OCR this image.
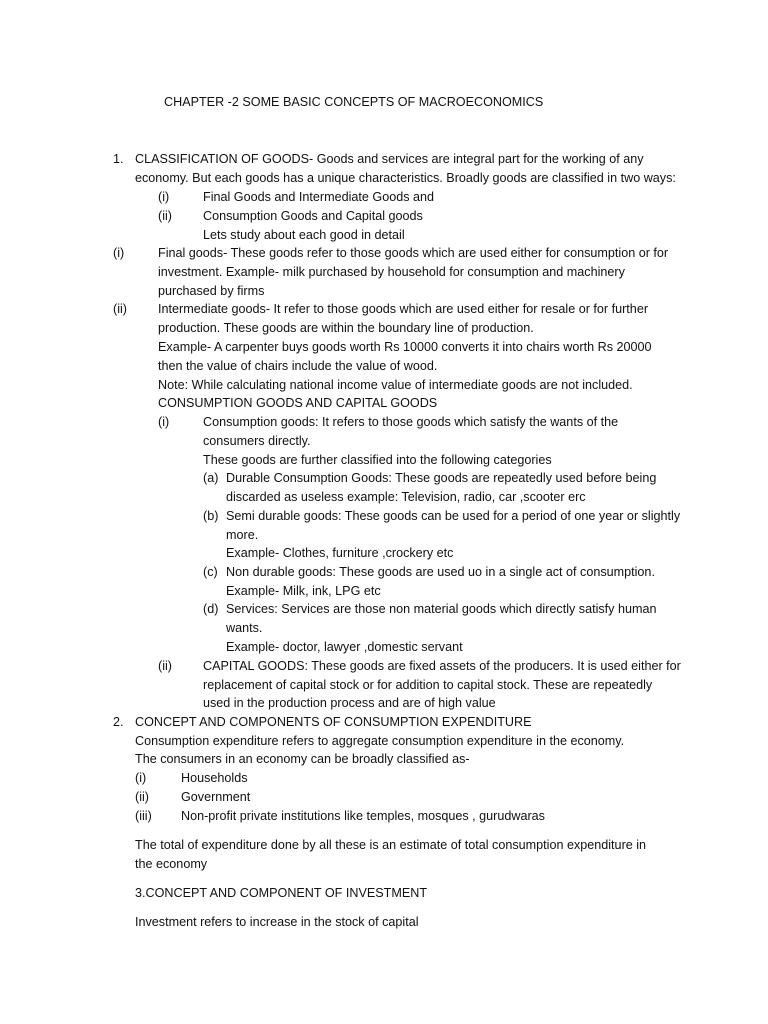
CHAPTER -2 SOME BASIC CONCEPTS OF MACROECONOMICS
1. CLASSIFICATION OF GOODS- Goods and services are integral part for the working of any
economy. But each goods has a unique characteristics. Broadly goods are classified in two ways:
(i)	Final Goods and Intermediate Goods and
(ii) Consumption Goods and Capital goods
Lets study about each good in detail
(i)	Final goods- These goods refer to those goods which are used either for consumption or for
investment. Example- milk purchased by household for consumption and machinery
purchased by firms
(ii) Intermediate goods- It refer to those goods which are used either for resale or for further
production. These goods are within the boundary line of production.
Example- A carpenter buys goods worth Rs 10000 converts it into chairs worth Rs 20000
then the value of chairs include the value of wood.
Note: While calculating national income value of intermediate goods are not included.
CONSUMPTION GOODS AND CAPITAL GOODS
(i)	Consumption goods: It refers to those goods which satisfy the wants of the
consumers directly.
These goods are further classified into the following categories
(a) Durable Consumption Goods: These goods are repeatedly used before being
discarded as useless example: Television, radio, car ,scooter erc
(b) Semi durable goods: These goods can be used for a period of one year or slightly
more.
Example- Clothes, furniture ,crockery etc
(c) Non durable goods: These goods are used uo in a single act of consumption.
Example- Milk, ink, LPG etc
(d) Services: Services are those non material goods which directly satisfy human
wants.
Example- doctor, lawyer ,domestic servant
(ii) CAPITAL GOODS: These goods are fixed assets of the producers. It is used either for
replacement of capital stock or for addition to capital stock. These are repeatedly
used in the production process and are of high value
2. CONCEPT AND COMPONENTS OF CONSUMPTION EXPENDITURE
Consumption expenditure refers to aggregate consumption expenditure in the economy.
The consumers in an economy can be broadly classified as-
(i)	Households
(ii)	Government
(iii) Non-profit private institutions like temples, mosques , gurudwaras
The total of expenditure done by all these is an estimate of total consumption expenditure in
the economy
3.CONCEPT AND COMPONENT OF INVESTMENT
Investment refers to increase in the stock of capital
